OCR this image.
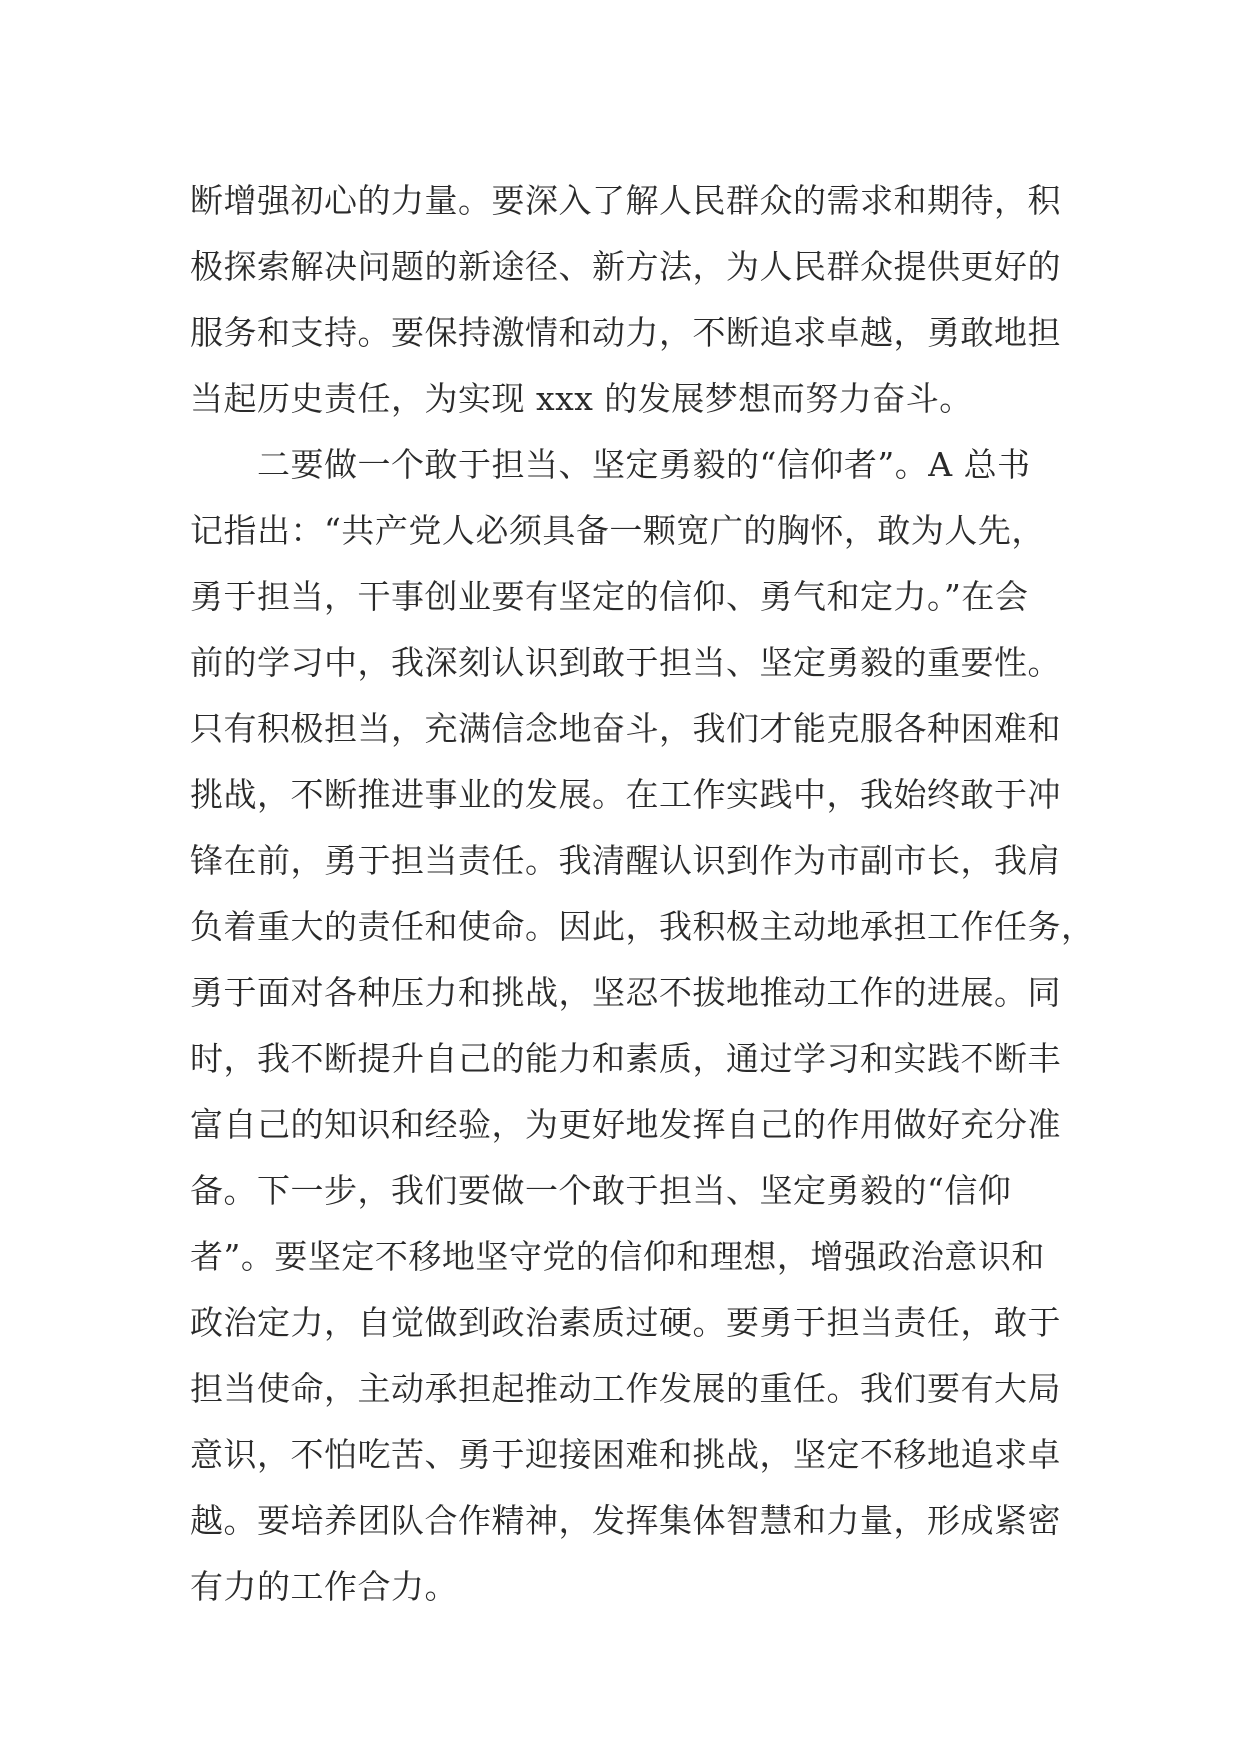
断增强初心的力量。要深入了解人民群众的需求和期待，积
极探索解决问题的新途径、新方法，为人民群众提供更好的
服务和支持。要保持激情和动力，不断追求卓越，勇敢地担
当起历史责任，为实现 xxx 的发展梦想而努力奋斗。
二要做一个敢于担当、坚定勇毅的“信仰者”。A 总书
记指出：“共产党人必须具备一颗宽广的胸怀，敢为人先，
勇于担当，干事创业要有坚定的信仰、勇气和定力。”在会
前的学习中，我深刻认识到敢于担当、坚定勇毅的重要性。
只有积极担当，充满信念地奋斗，我们才能克服各种困难和
挑战，不断推进事业的发展。在工作实践中，我始终敢于冲
锋在前，勇于担当责任。我清醒认识到作为市副市长，我肩
负着重大的责任和使命。因此，我积极主动地承担工作任务，
勇于面对各种压力和挑战，坚忍不拔地推动工作的进展。同
时，我不断提升自己的能力和素质，通过学习和实践不断丰
富自己的知识和经验，为更好地发挥自己的作用做好充分准
备。下一步，我们要做一个敢于担当、坚定勇毅的“信仰
者”。要坚定不移地坚守党的信仰和理想，增强政治意识和
政治定力，自觉做到政治素质过硬。要勇于担当责任，敢于
担当使命，主动承担起推动工作发展的重任。我们要有大局
意识，不怕吃苦、勇于迎接困难和挑战，坚定不移地追求卓
越。要培养团队合作精神，发挥集体智慧和力量，形成紧密
有力的工作合力。
